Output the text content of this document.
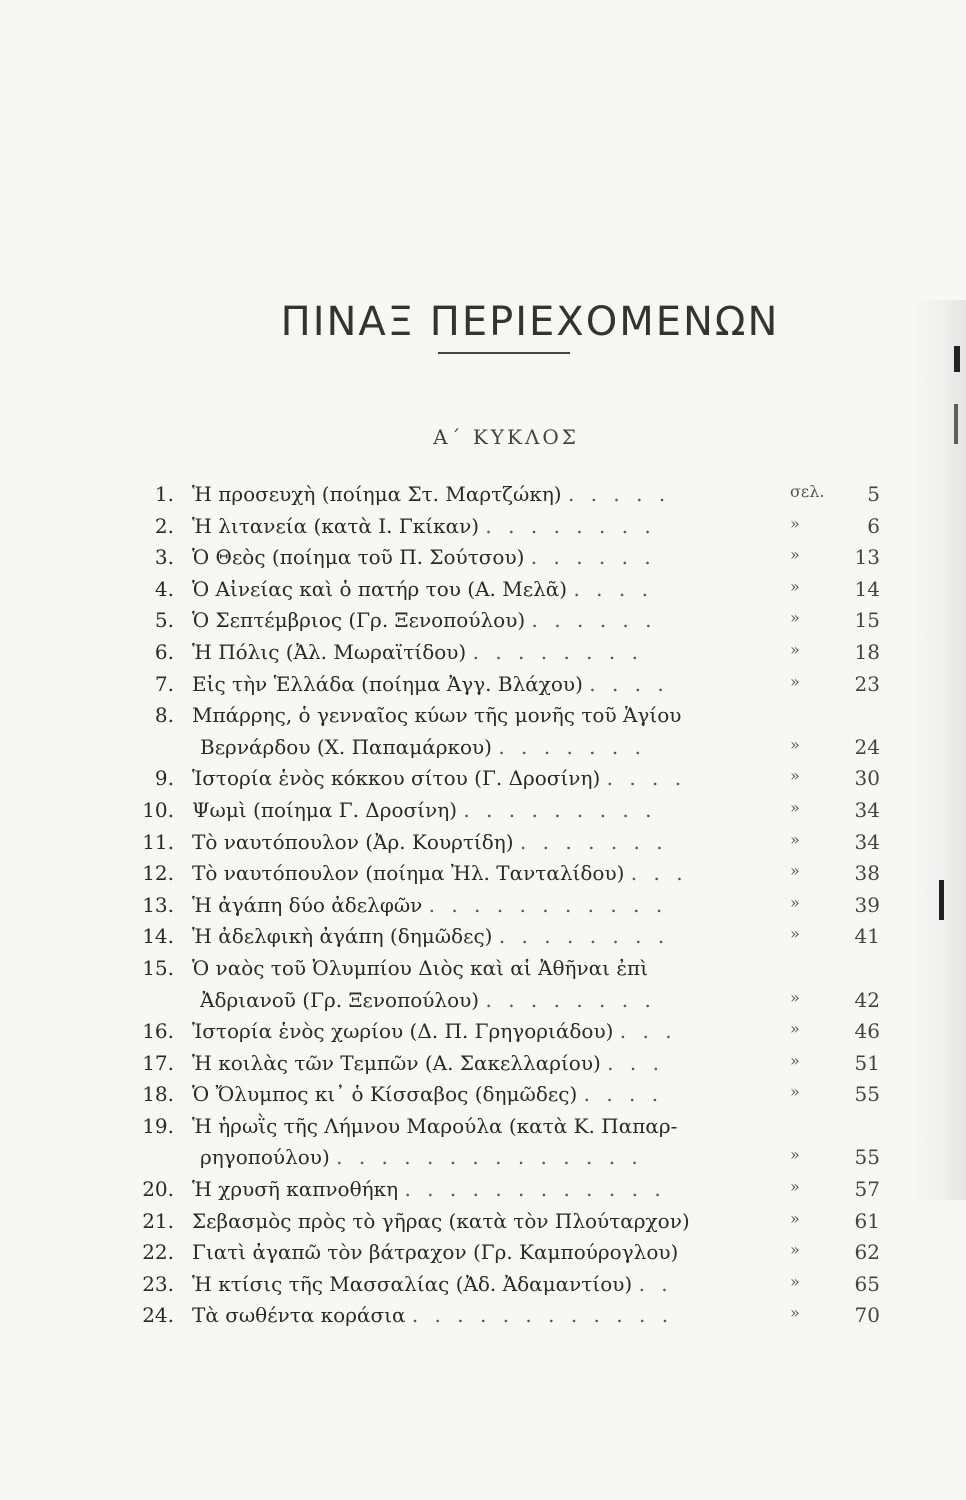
ΠΙΝΑΞ ΠΕΡΙΕΧΟΜΕΝΩΝ
Α΄ ΚΥΚΛΟΣ
1. Ἡ προσευχὴ (ποίημα Στ. Μαρτζώκη) . . . . .	σελ.	5
2. Ἡ λιτανεία (κατὰ Ι. Γκίκαν) . . . . . . . .	»	6
3. Ὁ Θεὸς (ποίημα τοῦ Π. Σούτσου) . . . . . .	»	13
4. Ὁ Αἰνείας καὶ ὁ πατήρ του (Α. Μελᾶ) . . . .	»	14
5. Ὁ Σεπτέμβριος (Γρ. Ξενοπούλου) . . . . . .	»	15
6. Ἡ Πόλις (Ἀλ. Μωραϊτίδου) . . . . . . . .	»	18
7. Εἰς τὴν Ἑλλάδα (ποίημα Ἀγγ. Βλάχου) . . . .	»	23
8. Μπάρρης, ὁ γενναῖος κύων τῆς μονῆς τοῦ Ἁγίου
Βερνάρδου (Χ. Παπαμάρκου) . . . . . . .	»	24
9. Ἱστορία ἑνὸς κόκκου σίτου (Γ. Δροσίνη) . . . .	»	30
10. Ψωμὶ (ποίημα Γ. Δροσίνη) . . . . . . . . .	»	34
11. Τὸ ναυτόπουλον (Ἀρ. Κουρτίδη) . . . . . . .	»	34
12. Τὸ ναυτόπουλον (ποίημα Ἠλ. Τανταλίδου) . . .	»	38
13. Ἡ ἀγάπη δύο ἀδελφῶν . . . . . . . . . . .	»	39
14. Ἡ ἀδελφικὴ ἀγάπη (δημῶδες) . . . . . . . .	»	41
15. Ὁ ναὸς τοῦ Ὀλυμπίου Διὸς καὶ αἱ Ἀθῆναι ἐπὶ
Ἀδριανοῦ (Γρ. Ξενοπούλου) . . . . . . . .	»	42
16. Ἱστορία ἑνὸς χωρίου (Δ. Π. Γρηγοριάδου) . . .	»	46
17. Ἡ κοιλὰς τῶν Τεμπῶν (Α. Σακελλαρίου) . . .	»	51
18. Ὁ Ὄλυμπος κι᾿ ὁ Κίσσαβος (δημῶδες) . . . .	»	55
19. Ἡ ἡρωῒς τῆς Λήμνου Μαρούλα (κατὰ Κ. Παπαρ-
ρηγοπούλου) . . . . . . . . . . . . . .	»	55
20. Ἡ χρυσῆ καπνοθήκη . . . . . . . . . . . .	»	57
21. Σεβασμὸς πρὸς τὸ γῆρας (κατὰ τὸν Πλούταρχον)	»	61
22. Γιατὶ ἀγαπῶ τὸν βάτραχον (Γρ. Καμπούρογλου)	»	62
23. Ἡ κτίσις τῆς Μασσαλίας (Ἀδ. Ἀδαμαντίου) . .	»	65
24. Τὰ σωθέντα κοράσια . . . . . . . . . . . .	»	70
